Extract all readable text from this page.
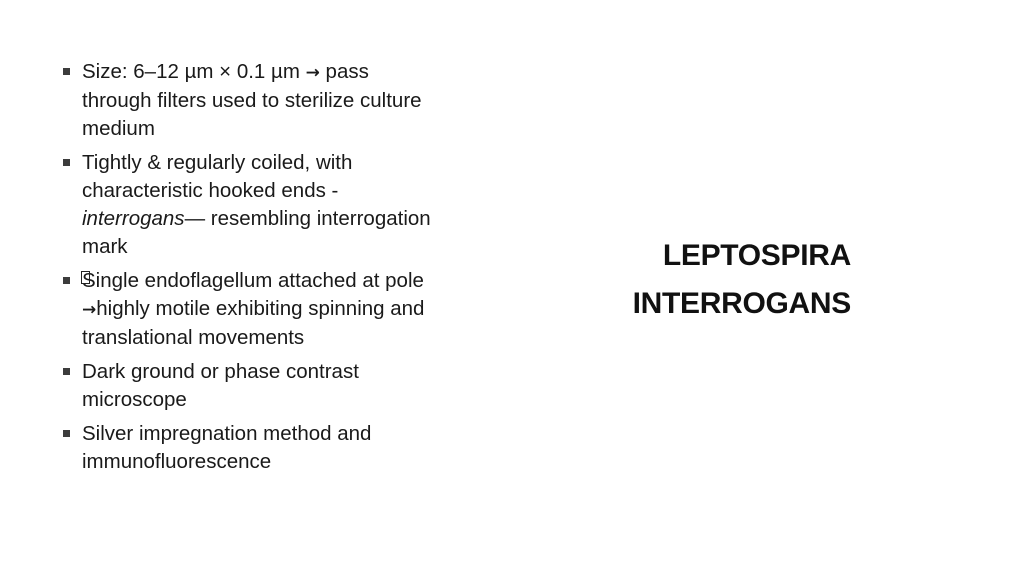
Size: 6–12 µm × 0.1 µm → pass through filters used to sterilize culture medium
Tightly & regularly coiled, with characteristic hooked ends - interrogans— resembling interrogation mark
Single endoflagellum attached at pole →highly motile exhibiting spinning and translational movements
Dark ground or phase contrast microscope
Silver impregnation method and immunofluorescence
LEPTOSPIRA
INTERROGANS
